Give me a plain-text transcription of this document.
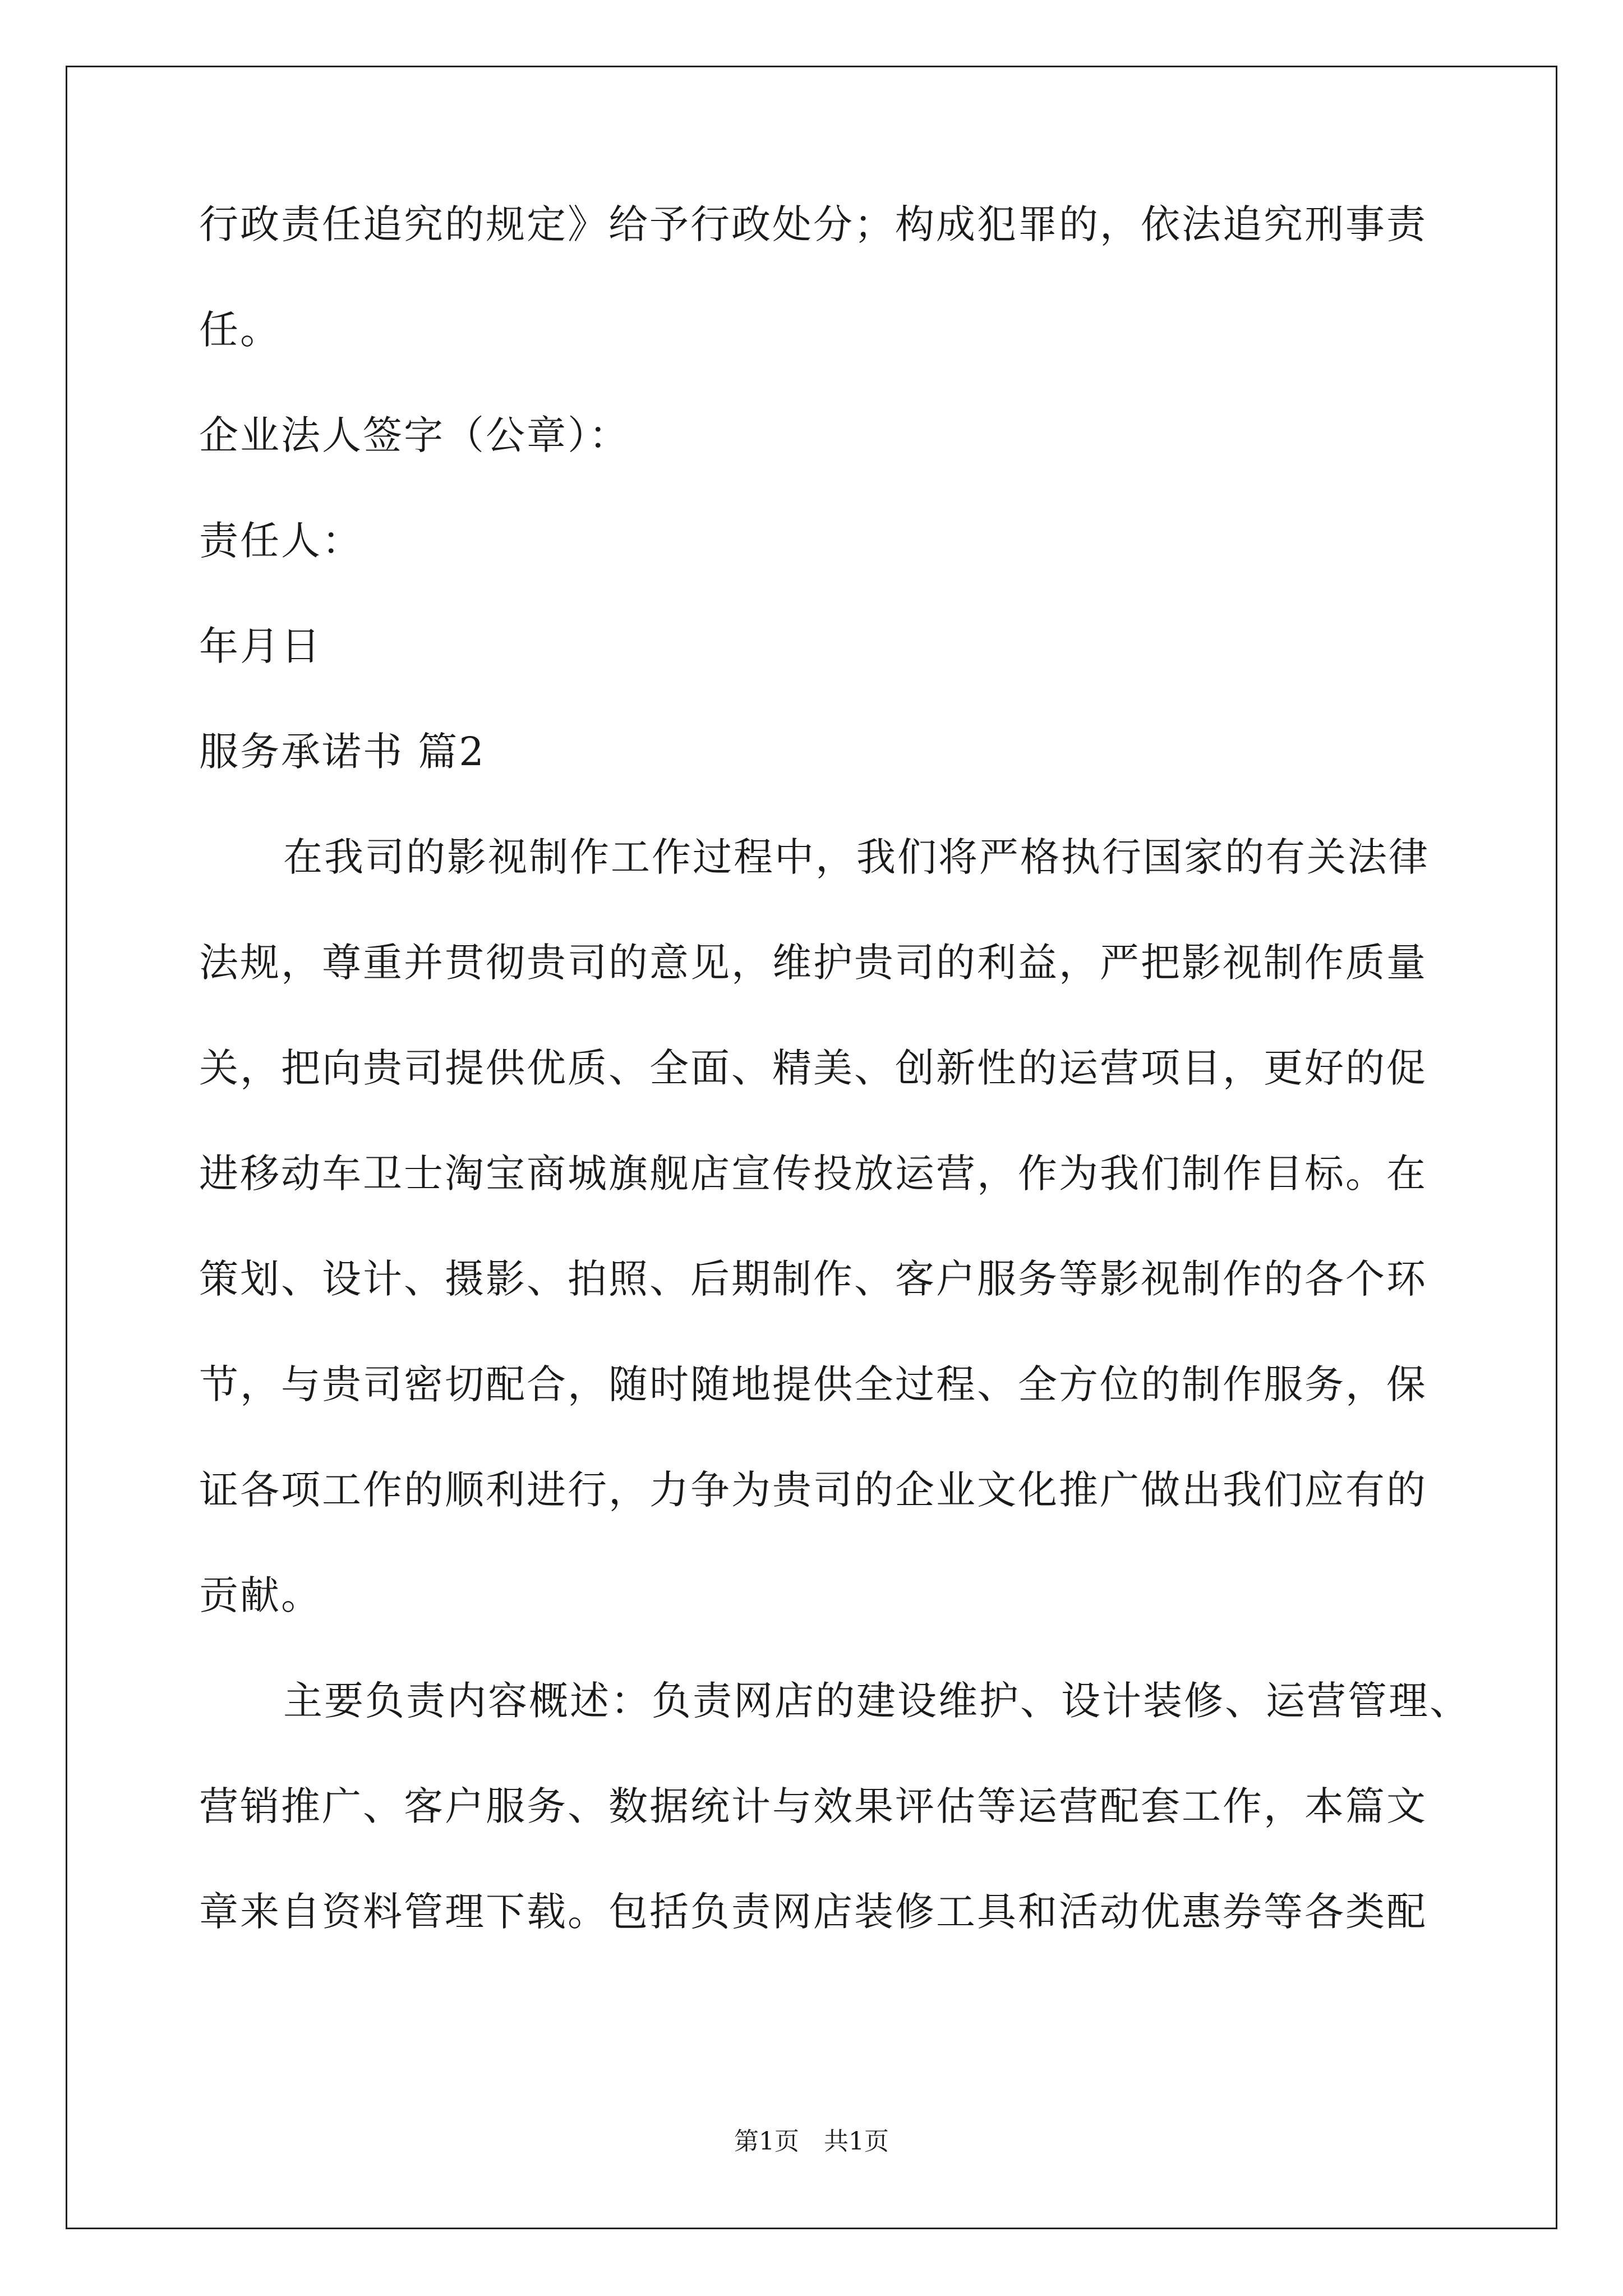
行政责任追究的规定》给予行政处分；构成犯罪的，依法追究刑事责
任。
企业法人签字（公章）：
责任人：
年月日
服务承诺书 篇2
在我司的影视制作工作过程中，我们将严格执行国家的有关法律
法规，尊重并贯彻贵司的意见，维护贵司的利益，严把影视制作质量
关，把向贵司提供优质、全面、精美、创新性的运营项目，更好的促
进移动车卫士淘宝商城旗舰店宣传投放运营，作为我们制作目标。在
策划、设计、摄影、拍照、后期制作、客户服务等影视制作的各个环
节，与贵司密切配合，随时随地提供全过程、全方位的制作服务，保
证各项工作的顺利进行，力争为贵司的企业文化推广做出我们应有的
贡献。
主要负责内容概述：负责网店的建设维护、设计装修、运营管理、
营销推广、客户服务、数据统计与效果评估等运营配套工作，本篇文
章来自资料管理下载。包括负责网店装修工具和活动优惠券等各类配
第1页　共1页
